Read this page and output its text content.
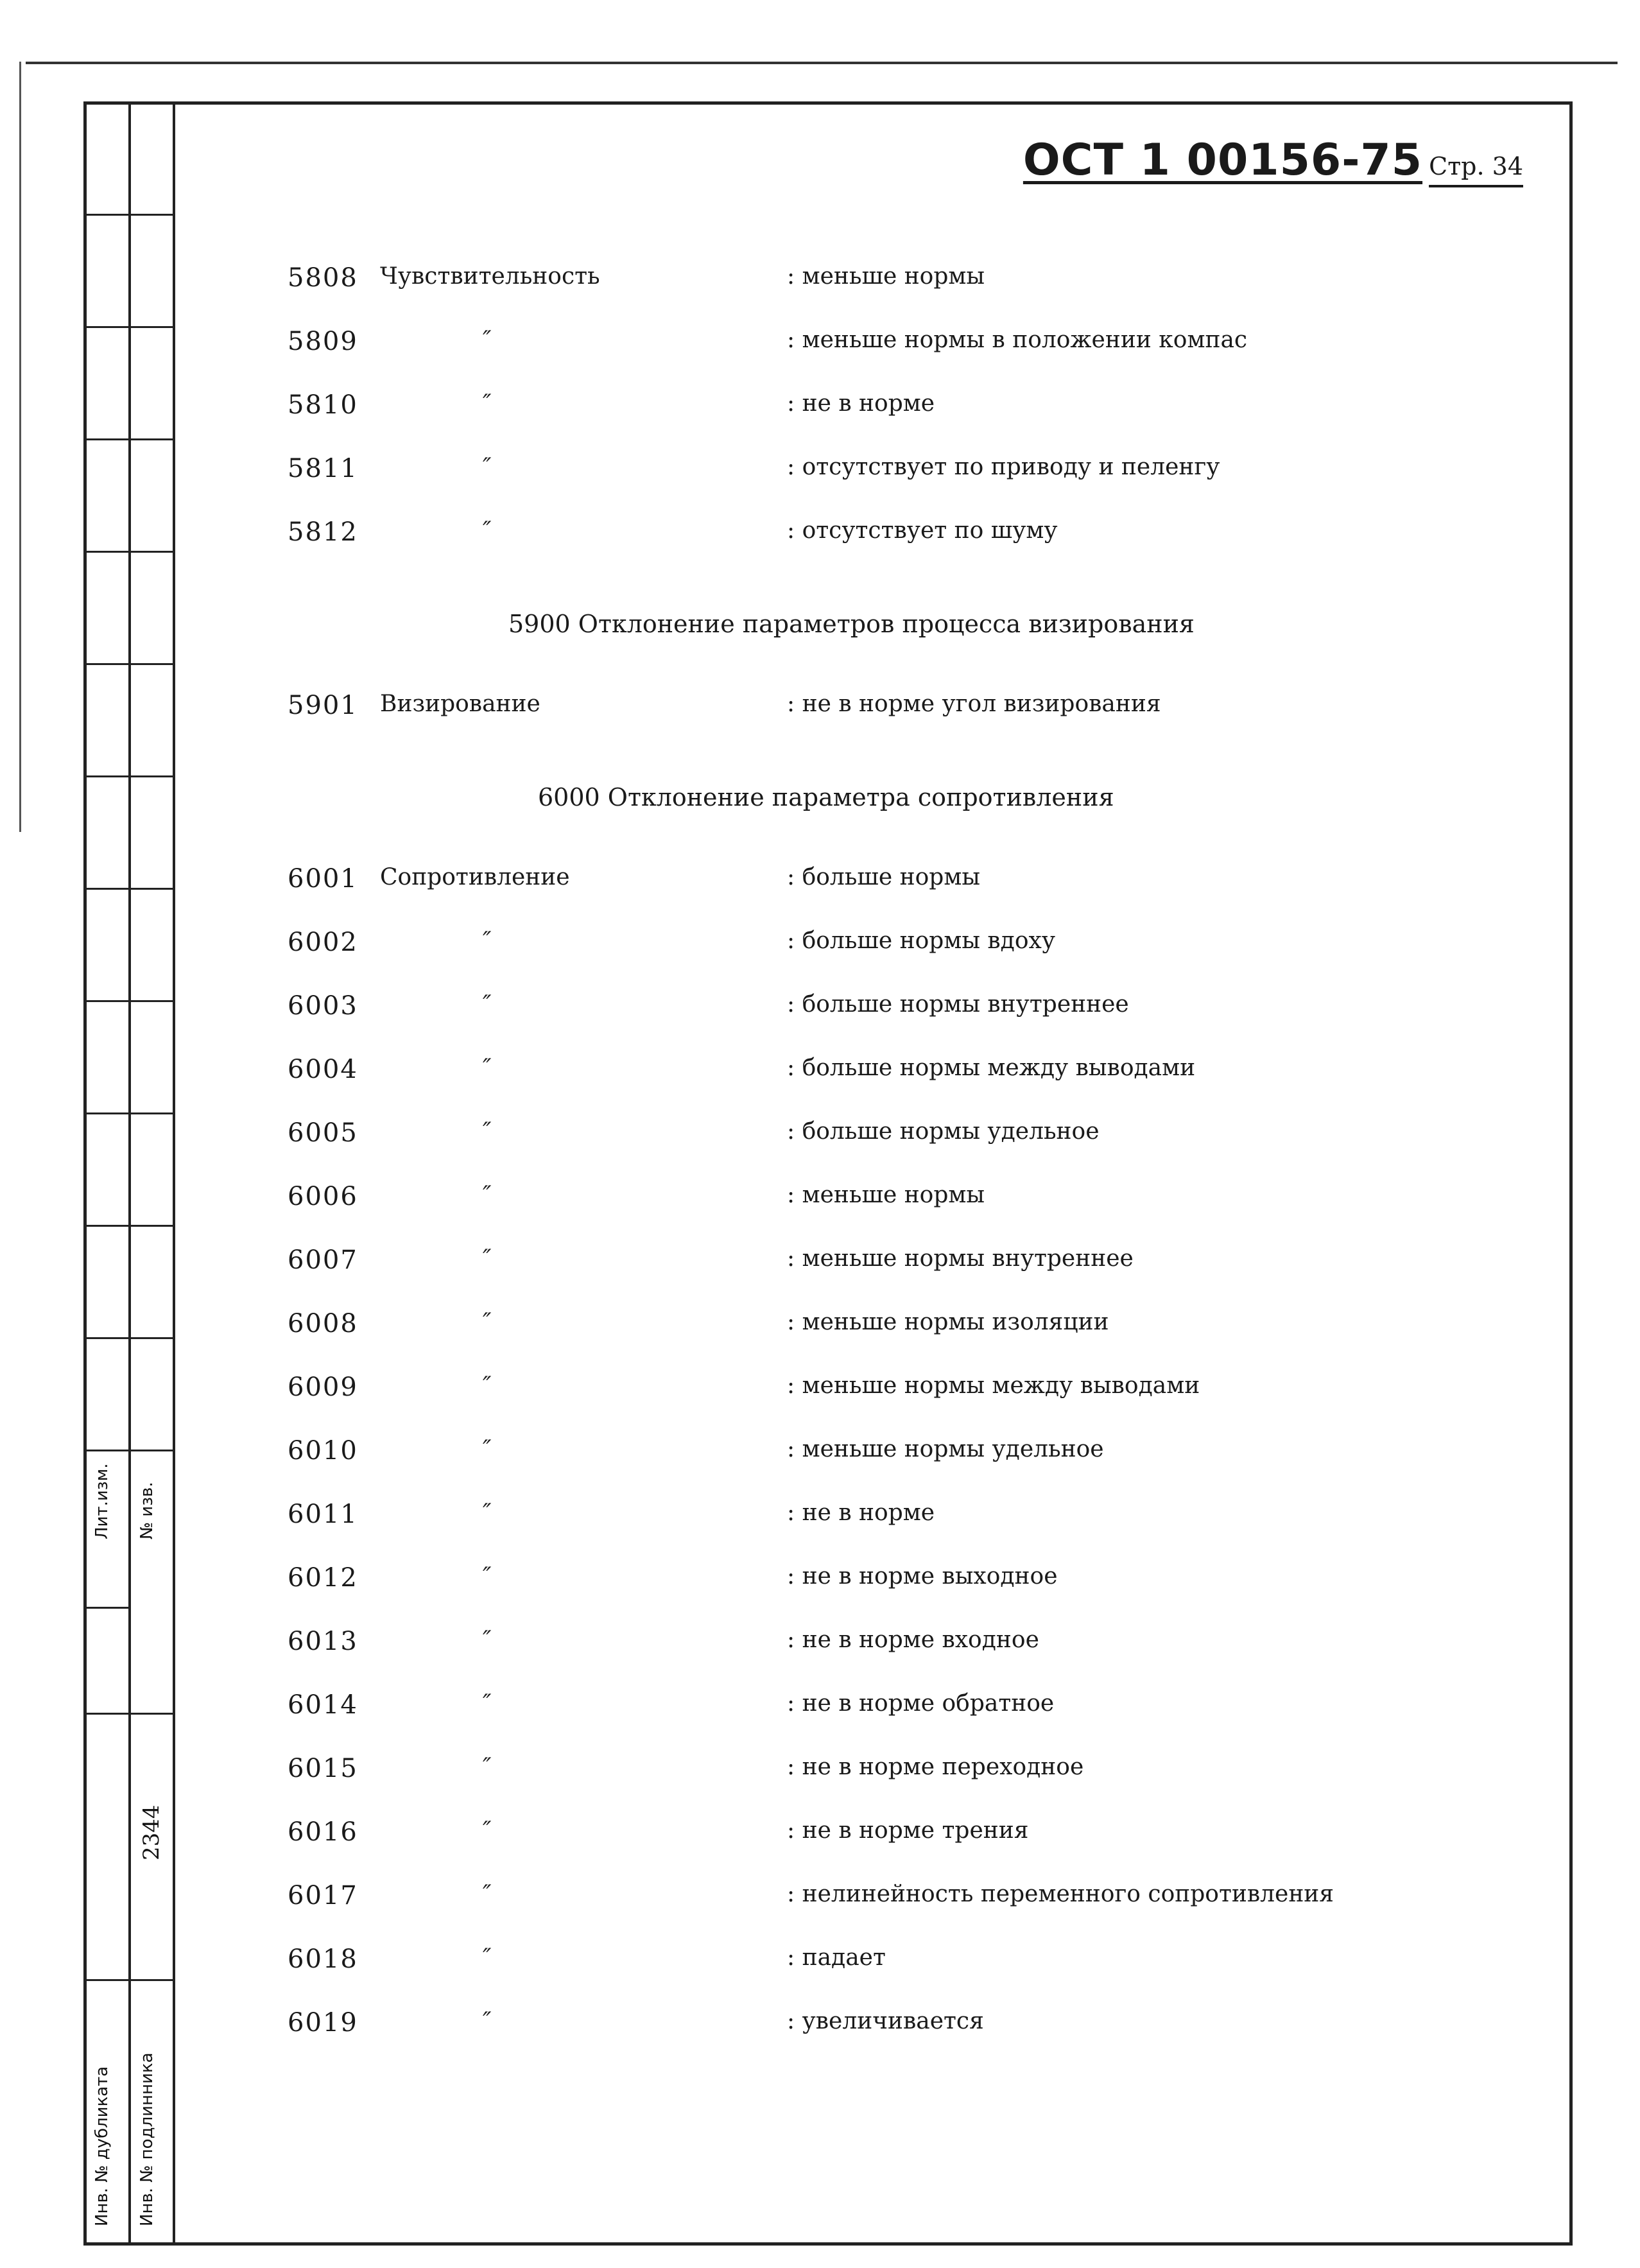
Лит.изм. № изв.
Инв. № дубликата Инв. № подлинника
2344
ОСТ 1 00156-75 Стр. 34
5808 Чувствительность	: меньше нормы
5809	″	: меньше нормы в положении компас
5810	″	: не в норме
5811	″	: отсутствует по приводу и пеленгу
5812	″	: отсутствует по шуму
5900 Отклонение параметров процесса визирования
5901 Визирование	: не в норме угол визирования
6000 Отклонение параметра сопротивления
6001 Сопротивление	: больше нормы
6002	″	: больше нормы вдоху
6003	″	: больше нормы внутреннее
6004	″	: больше нормы между выводами
6005	″	: больше нормы удельное
6006	″	: меньше нормы
6007	″	: меньше нормы внутреннее
6008	″	: меньше нормы изоляции
6009	″	: меньше нормы между выводами
6010	″	: меньше нормы удельное
6011	″	: не в норме
6012	″	: не в норме выходное
6013	″	: не в норме входное
6014	″	: не в норме обратное
6015	″	: не в норме переходное
6016	″	: не в норме трения
6017	″	: нелинейность переменного сопротивления
6018	″	: падает
6019	″	: увеличивается
